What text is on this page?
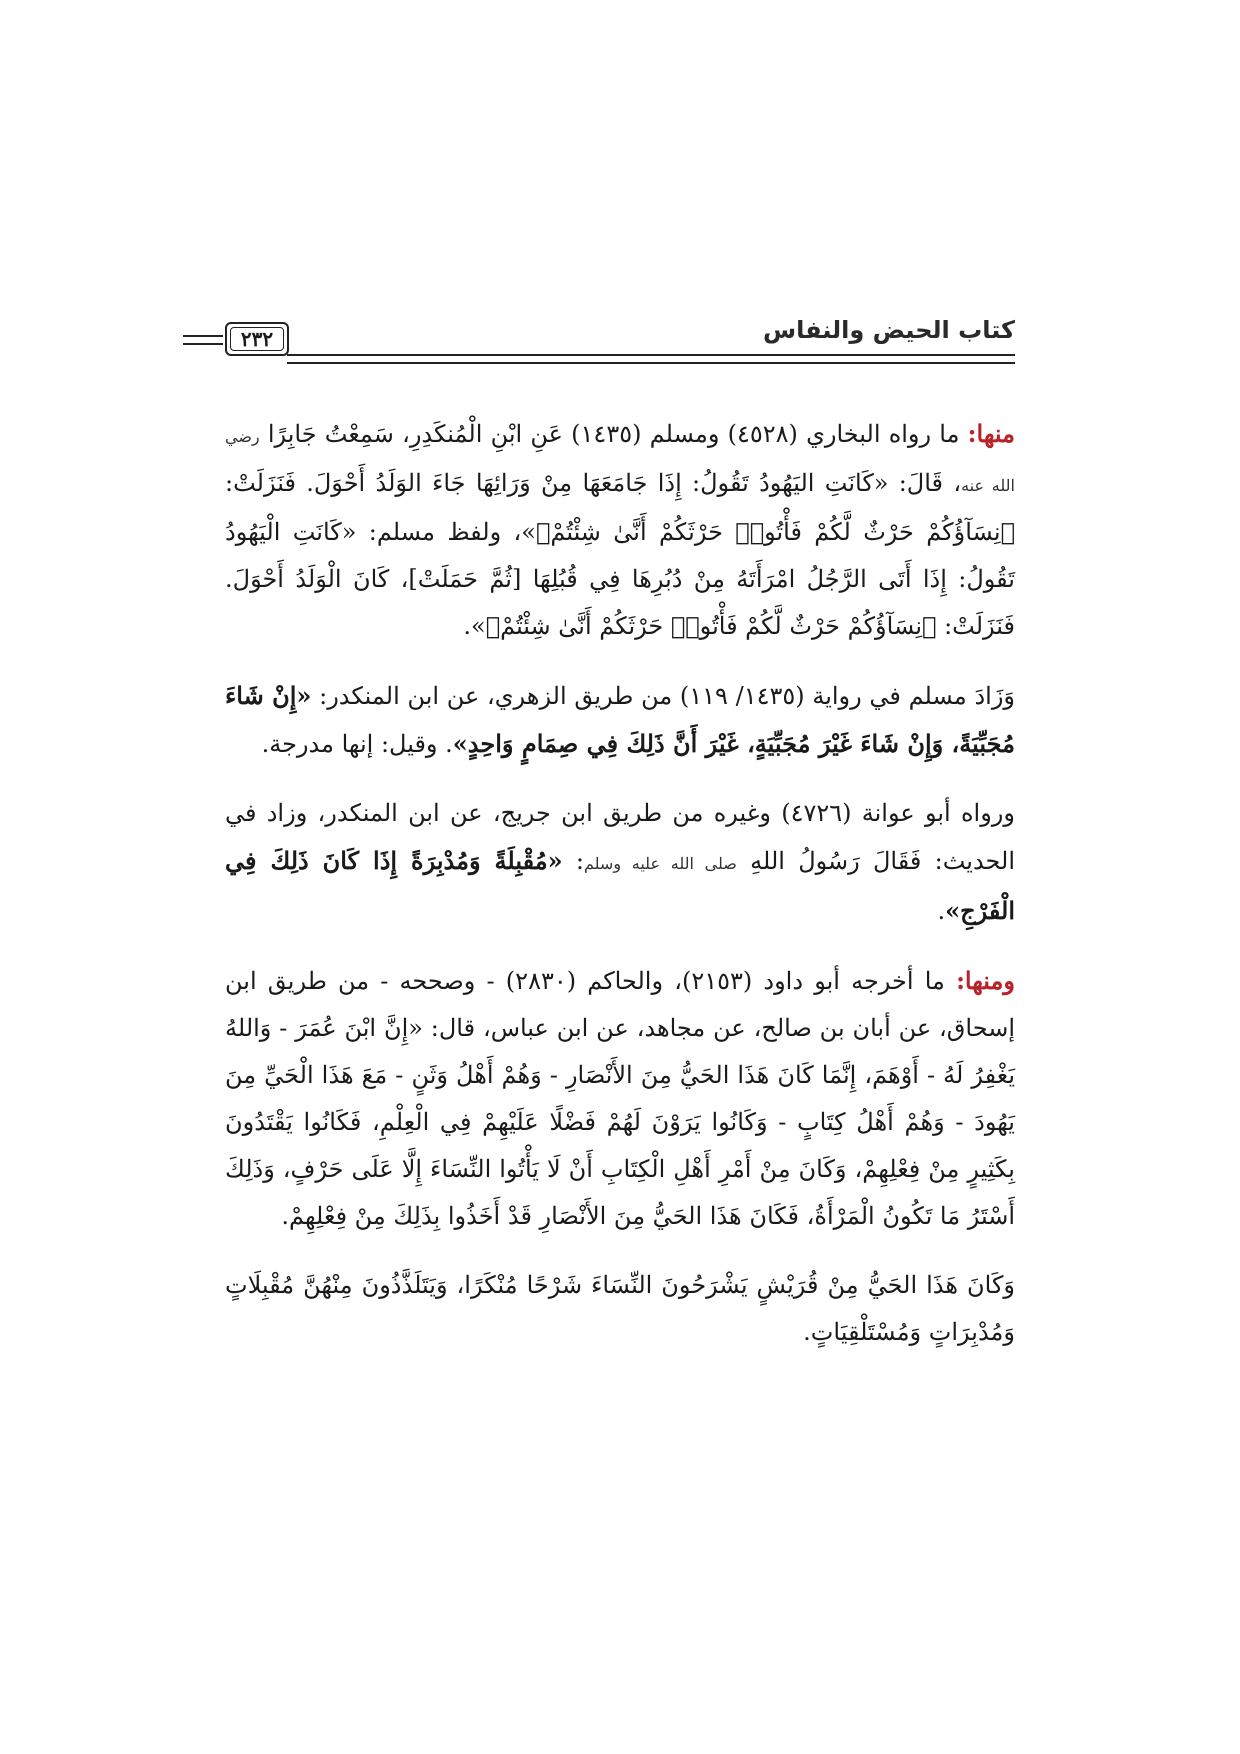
٢٣٢	كتاب الحيض والنفاس

منها: ما رواه البخاري (٤٥٢٨) ومسلم (١٤٣٥) عَنِ ابْنِ الْمُنكَدِرِ، سَمِعْتُ جَابِرًا رضي الله عنه، قَالَ: «كَانَتِ اليَهُودُ تَقُولُ: إِذَا جَامَعَهَا مِنْ وَرَائِهَا جَاءَ الوَلَدُ أَحْوَلَ. فَنَزَلَتْ: ﴿نِسَآؤُكُمْ حَرْثٌ لَّكُمْ فَأْتُوا۟ حَرْثَكُمْ أَنَّىٰ شِئْتُمْ﴾»، ولفظ مسلم: «كَانَتِ الْيَهُودُ تَقُولُ: إِذَا أَتَى الرَّجُلُ امْرَأَتَهُ مِنْ دُبُرِهَا فِي قُبُلِهَا [ثُمَّ حَمَلَتْ]، كَانَ الْوَلَدُ أَحْوَلَ. فَنَزَلَتْ: ﴿نِسَآؤُكُمْ حَرْثٌ لَّكُمْ فَأْتُوا۟ حَرْثَكُمْ أَنَّىٰ شِئْتُمْ﴾».

وَزَادَ مسلم في رواية (١٤٣٥/ ١١٩) من طريق الزهري، عن ابن المنكدر: «إِنْ شَاءَ مُجَبِّيَةً، وَإِنْ شَاءَ غَيْرَ مُجَبِّيَةٍ، غَيْرَ أَنَّ ذَلِكَ فِي صِمَامٍ وَاحِدٍ». وقيل: إنها مدرجة.

ورواه أبو عوانة (٤٧٢٦) وغيره من طريق ابن جريج، عن ابن المنكدر، وزاد في الحديث: فَقَالَ رَسُولُ اللهِ صلى الله عليه وسلم: «مُقْبِلَةً وَمُدْبِرَةً إِذَا كَانَ ذَلِكَ فِي الْفَرْجِ».

ومنها: ما أخرجه أبو داود (٢١٥٣)، والحاكم (٢٨٣٠) - وصححه - من طريق ابن إسحاق، عن أبان بن صالح، عن مجاهد، عن ابن عباس، قال: «إِنَّ ابْنَ عُمَرَ - وَاللهُ يَغْفِرُ لَهُ - أَوْهَمَ، إِنَّمَا كَانَ هَذَا الحَيُّ مِنَ الأَنْصَارِ - وَهُمْ أَهْلُ وَثَنٍ - مَعَ هَذَا الْحَيِّ مِنَ يَهُودَ - وَهُمْ أَهْلُ كِتَابٍ - وَكَانُوا يَرَوْنَ لَهُمْ فَضْلًا عَلَيْهِمْ فِي الْعِلْمِ، فَكَانُوا يَقْتَدُونَ بِكَثِيرٍ مِنْ فِعْلِهِمْ، وَكَانَ مِنْ أَمْرِ أَهْلِ الْكِتَابِ أَنْ لَا يَأْتُوا النِّسَاءَ إِلَّا عَلَى حَرْفٍ، وَذَلِكَ أَسْتَرُ مَا تَكُونُ الْمَرْأَةُ، فَكَانَ هَذَا الحَيُّ مِنَ الأَنْصَارِ قَدْ أَخَذُوا بِذَلِكَ مِنْ فِعْلِهِمْ.

وَكَانَ هَذَا الحَيُّ مِنْ قُرَيْشٍ يَشْرَحُونَ النِّسَاءَ شَرْحًا مُنْكَرًا، وَيَتَلَذَّذُونَ مِنْهُنَّ مُقْبِلَاتٍ وَمُدْبِرَاتٍ وَمُسْتَلْقِيَاتٍ.
